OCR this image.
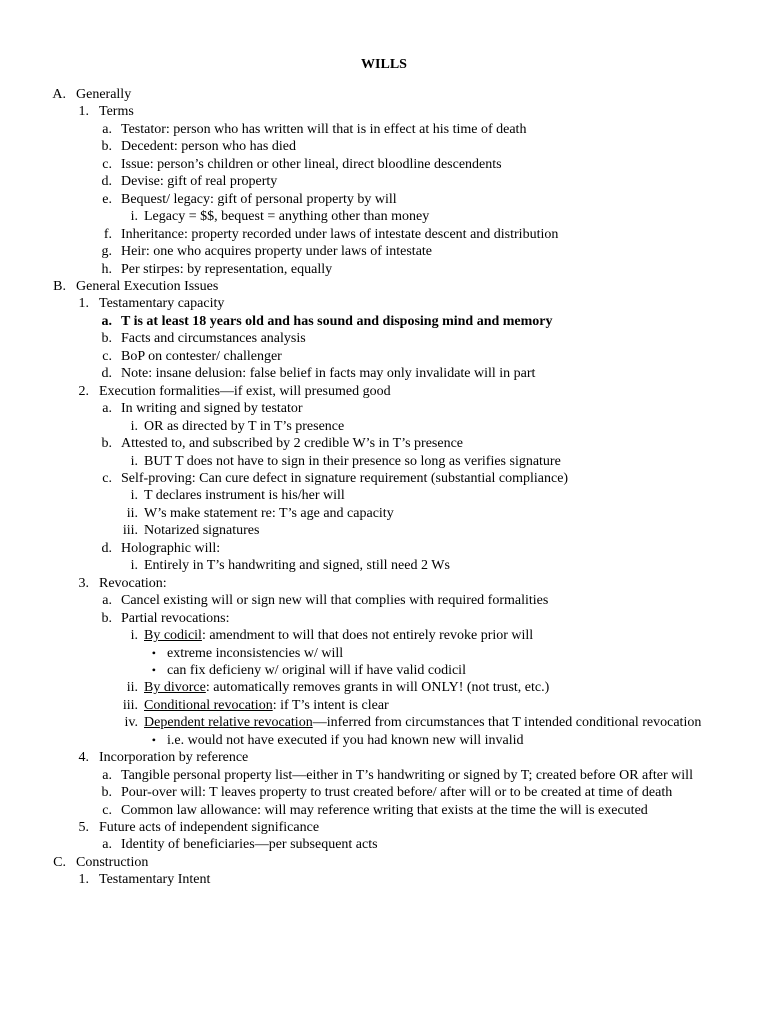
WILLS
A. Generally
1. Terms
a. Testator: person who has written will that is in effect at his time of death
b. Decedent: person who has died
c. Issue: person’s children or other lineal, direct bloodline descendents
d. Devise: gift of real property
e. Bequest/ legacy: gift of personal property by will
i. Legacy = $$, bequest = anything other than money
f. Inheritance: property recorded under laws of intestate descent and distribution
g. Heir: one who acquires property under laws of intestate
h. Per stirpes: by representation, equally
B. General Execution Issues
1. Testamentary capacity
a. T is at least 18 years old and has sound and disposing mind and memory
b. Facts and circumstances analysis
c. BoP on contester/ challenger
d. Note: insane delusion: false belief in facts may only invalidate will in part
2. Execution formalities—if exist, will presumed good
a. In writing and signed by testator
i. OR as directed by T in T’s presence
b. Attested to, and subscribed by 2 credible W’s in T’s presence
i. BUT T does not have to sign in their presence so long as verifies signature
c. Self-proving: Can cure defect in signature requirement (substantial compliance)
i. T declares instrument is his/her will
ii. W’s make statement re: T’s age and capacity
iii. Notarized signatures
d. Holographic will:
i. Entirely in T’s handwriting and signed, still need 2 Ws
3. Revocation:
a. Cancel existing will or sign new will that complies with required formalities
b. Partial revocations:
i. By codicil: amendment to will that does not entirely revoke prior will
• extreme inconsistencies w/ will
• can fix deficieny w/ original will if have valid codicil
ii. By divorce: automatically removes grants in will ONLY! (not trust, etc.)
iii. Conditional revocation: if T’s intent is clear
iv. Dependent relative revocation—inferred from circumstances that T intended conditional revocation
• i.e. would not have executed if you had known new will invalid
4. Incorporation by reference
a. Tangible personal property list—either in T’s handwriting or signed by T; created before OR after will
b. Pour-over will: T leaves property to trust created before/ after will or to be created at time of death
c. Common law allowance: will may reference writing that exists at the time the will is executed
5. Future acts of independent significance
a. Identity of beneficiaries—per subsequent acts
C. Construction
1. Testamentary Intent
